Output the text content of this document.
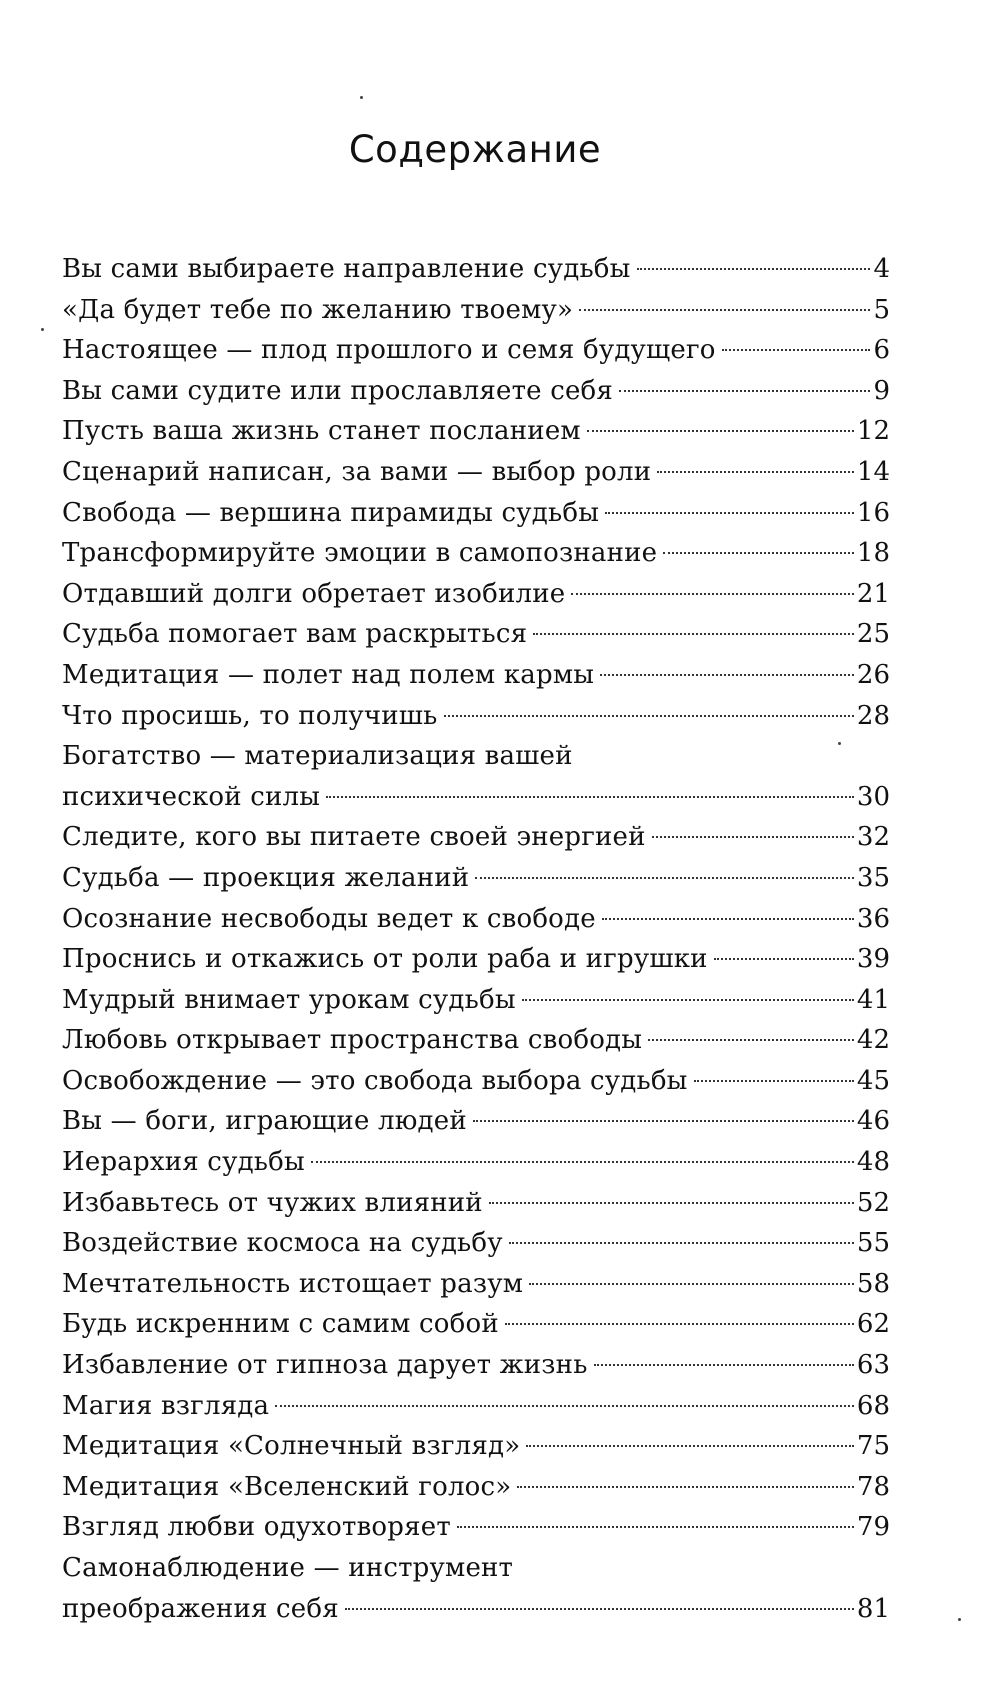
Содержание
Вы сами выбираете направление судьбы	4
«Да будет тебе по желанию твоему»	5
Настоящее — плод прошлого и семя будущего	6
Вы сами судите или прославляете себя	9
Пусть ваша жизнь станет посланием	12
Сценарий написан, за вами — выбор роли	14
Свобода — вершина пирамиды судьбы	16
Трансформируйте эмоции в самопознание	18
Отдавший долги обретает изобилие	21
Судьба помогает вам раскрыться	25
Медитация — полет над полем кармы	26
Что просишь, то получишь	28
Богатство — материализация вашей
психической силы	30
Следите, кого вы питаете своей энергией	32
Судьба — проекция желаний	35
Осознание несвободы ведет к свободе	36
Проснись и откажись от роли раба и игрушки	39
Мудрый внимает урокам судьбы	41
Любовь открывает пространства свободы	42
Освобождение — это свобода выбора судьбы	45
Вы — боги, играющие людей	46
Иерархия судьбы	48
Избавьтесь от чужих влияний	52
Воздействие космоса на судьбу	55
Мечтательность истощает разум	58
Будь искренним с самим собой	62
Избавление от гипноза дарует жизнь	63
Магия взгляда	68
Медитация «Солнечный взгляд»	75
Медитация «Вселенский голос»	78
Взгляд любви одухотворяет	79
Самонаблюдение — инструмент
преображения себя	81
